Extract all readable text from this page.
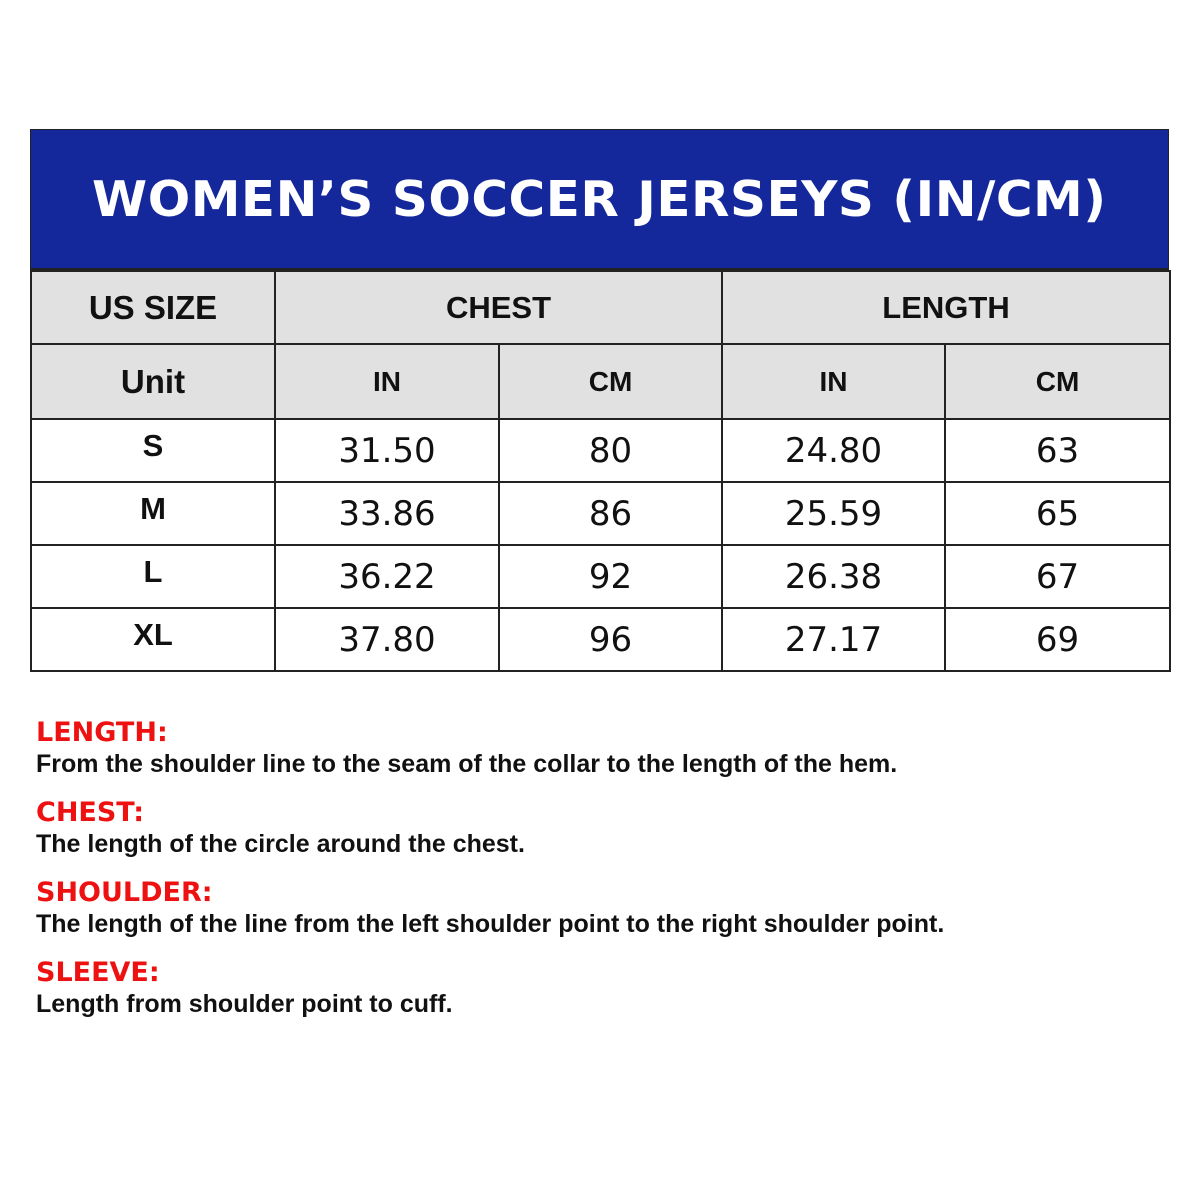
WOMEN’S SOCCER JERSEYS (IN/CM)
US SIZE	CHEST		LENGTH	
Unit	IN	CM	IN	CM
S	31.50	80	24.80	63
M	33.86	86	25.59	65
L	36.22	92	26.38	67
XL	37.80	96	27.17	69
LENGTH:
From the shoulder line to the seam of the collar to the length of the hem.
CHEST:
The length of the circle around the chest.
SHOULDER:
The length of the line from the left shoulder point to the right shoulder point.
SLEEVE:
Length from shoulder point to cuff.
